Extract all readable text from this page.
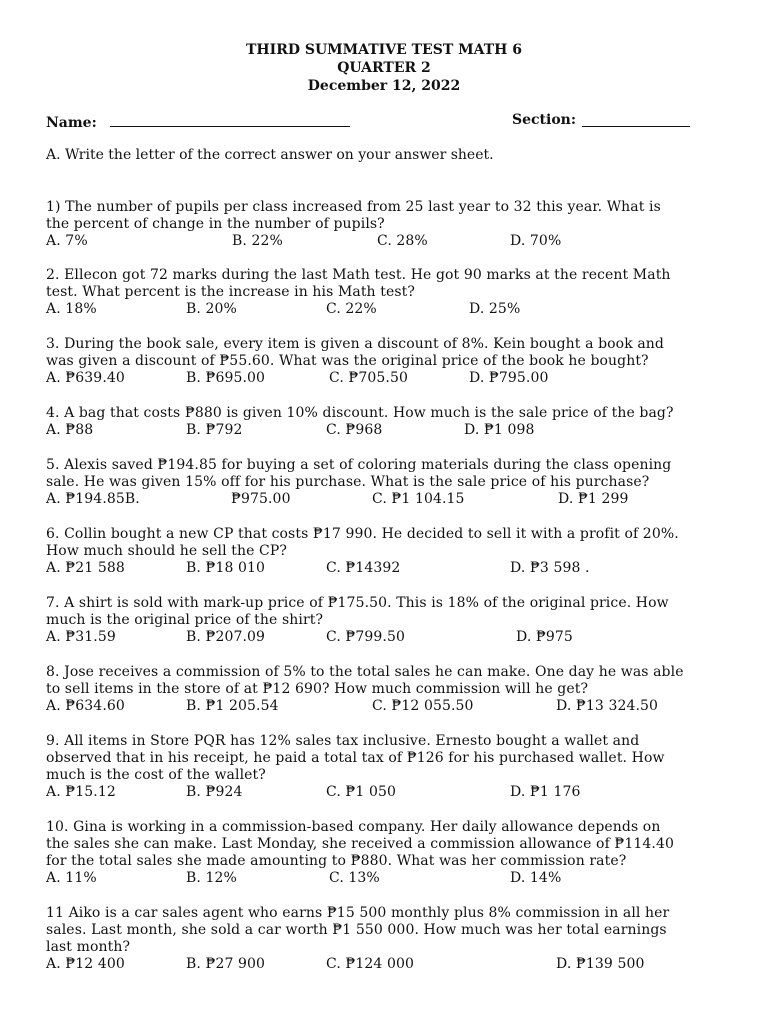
THIRD SUMMATIVE TEST MATH 6
QUARTER 2
December 12, 2022
Name:	Section:
A. Write the letter of the correct answer on your answer sheet.
1) The number of pupils per class increased from 25 last year to 32 this year. What is
the percent of change in the number of pupils?
A. 7%	B. 22%	C. 28%	D. 70%
2. Ellecon got 72 marks during the last Math test. He got 90 marks at the recent Math
test. What percent is the increase in his Math test?
A. 18%	B. 20%	C. 22%	D. 25%
3. During the book sale, every item is given a discount of 8%. Kein bought a book and
was given a discount of ₱55.60. What was the original price of the book he bought?
A. ₱639.40	B. ₱695.00	C. ₱705.50	D. ₱795.00
4. A bag that costs ₱880 is given 10% discount. How much is the sale price of the bag?
A. ₱88	B. ₱792	C. ₱968	D. ₱1 098
5. Alexis saved ₱194.85 for buying a set of coloring materials during the class opening
sale. He was given 15% off for his purchase. What is the sale price of his purchase?
A. ₱194.85B.	₱975.00	C. ₱1 104.15	D. ₱1 299
6. Collin bought a new CP that costs ₱17 990. He decided to sell it with a profit of 20%.
How much should he sell the CP?
A. ₱21 588	B. ₱18 010	C. ₱14392	D. ₱3 598 .
7. A shirt is sold with mark-up price of ₱175.50. This is 18% of the original price. How
much is the original price of the shirt?
A. ₱31.59	B. ₱207.09	C. ₱799.50	D. ₱975
8. Jose receives a commission of 5% to the total sales he can make. One day he was able
to sell items in the store of at ₱12 690? How much commission will he get?
A. ₱634.60	B. ₱1 205.54	C. ₱12 055.50	D. ₱13 324.50
9. All items in Store PQR has 12% sales tax inclusive. Ernesto bought a wallet and
observed that in his receipt, he paid a total tax of ₱126 for his purchased wallet. How
much is the cost of the wallet?
A. ₱15.12	B. ₱924	C. ₱1 050	D. ₱1 176
10. Gina is working in a commission-based company. Her daily allowance depends on
the sales she can make. Last Monday, she received a commission allowance of ₱114.40
for the total sales she made amounting to ₱880. What was her commission rate?
A. 11%	B. 12%	C. 13%	D. 14%
11 Aiko is a car sales agent who earns ₱15 500 monthly plus 8% commission in all her
sales. Last month, she sold a car worth ₱1 550 000. How much was her total earnings
last month?
A. ₱12 400	B. ₱27 900	C. ₱124 000	D. ₱139 500
